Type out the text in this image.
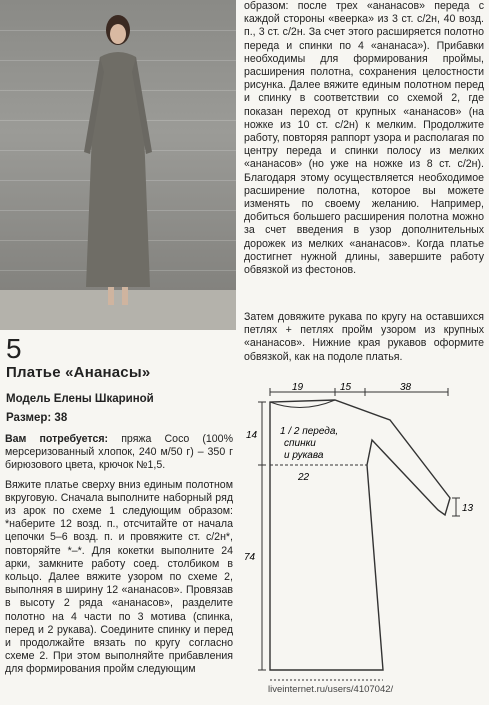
образом: после трех «ананасов» переда с каждой стороны «веерка» из 3 ст. с/2н, 40 возд. п., 3 ст. с/2н. За счет этого расширяется полотно переда и спинки по 4 «ананаса»). Прибавки необходимы для формирования проймы, расширения полотна, сохранения целостности рисунка. Далее вяжите единым полотном перед и спинку в соответствии со схемой 2, где показан переход от крупных «ананасов» (на ножке из 10 ст. с/2н) к мелким. Продолжите работу, повторяя раппорт узора и располагая по центру переда и спинки полосу из мелких «ананасов» (но уже на ножке из 8 ст. с/2н). Благодаря этому осуществляется необходимое расширение полотна, которое вы можете изменять по своему желанию. Например, добиться большего расширения полотна можно за счет введения в узор дополнительных дорожек из мелких «ананасов». Когда платье достигнет нужной длины, завершите работу обвязкой из фестонов.

Затем довяжите рукава по кругу на оставшихся петлях + петлях пройм узором из крупных «ананасов». Нижние края рукавов оформите обвязкой, как на подоле платья.

5
Платье «Ананасы»
Модель Елены Шкариной
Размер: 38

Вам потребуется: пряжа Coco (100% мерсеризованный хлопок, 240 м/50 г) – 350 г бирюзового цвета, крючок №1,5.

Вяжите платье сверху вниз единым полотном вкруговую. Сначала выполните наборный ряд из арок по схеме 1 следующим образом: *наберите 12 возд. п., отсчитайте от начала цепочки 5–6 возд. п. и провяжите ст. с/2н*, повторяйте *–*. Для кокетки выполните 24 арки, замкните работу соед. столбиком в кольцо. Далее вяжите узором по схеме 2, выполняя в ширину 12 «ананасов». Провязав в высоту 2 ряда «ананасов», разделите полотно на 4 части по 3 мотива (спинка, перед и 2 рукава). Соедините спинку и перед и продолжайте вязать по кругу согласно схеме 2. При этом выполняйте прибавления для формирования пройм следующим

19	15	38
14
22
13
74
1 / 2 переда,
спинки
и рукава
liveinternet.ru/users/4107042/
